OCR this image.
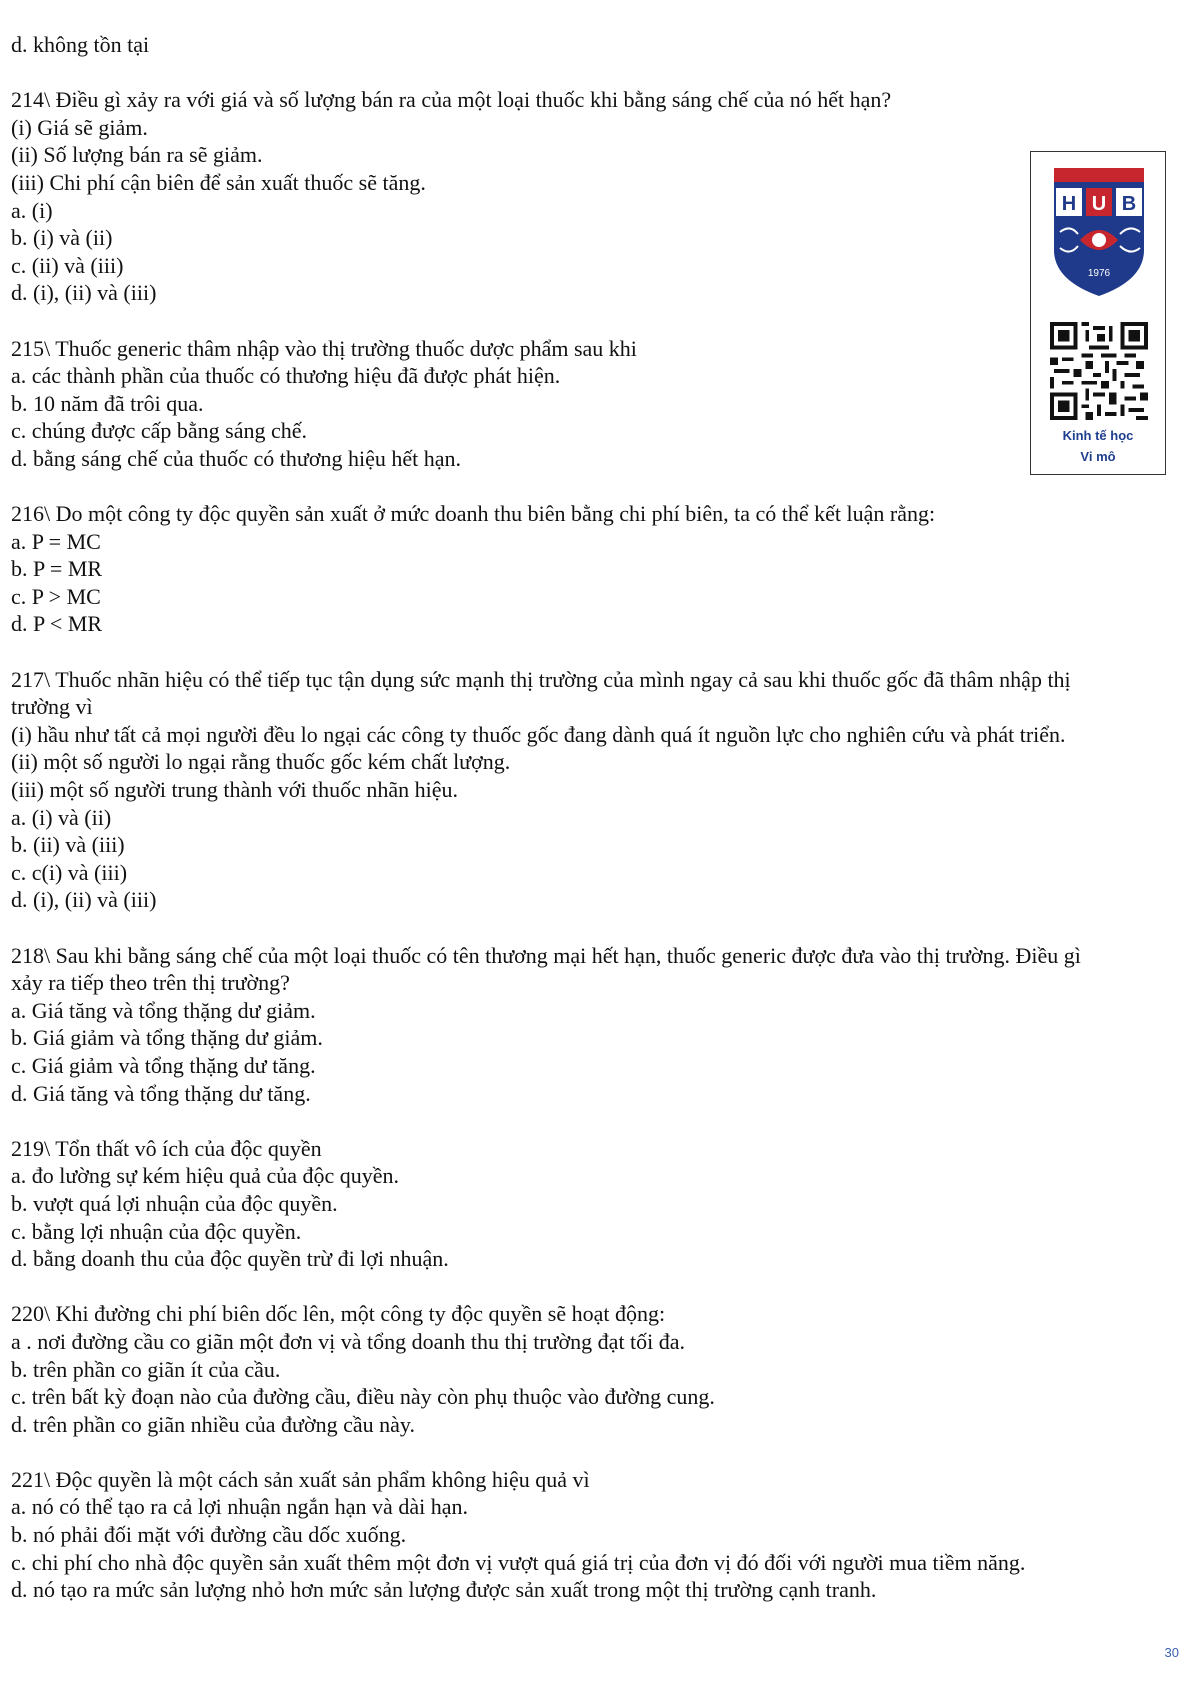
d. không tồn tại
214\ Điều gì xảy ra với giá và số lượng bán ra của một loại thuốc khi bằng sáng chế của nó hết hạn?
(i) Giá sẽ giảm.
(ii) Số lượng bán ra sẽ giảm.
(iii) Chi phí cận biên để sản xuất thuốc sẽ tăng.
a. (i)
b. (i) và (ii)
c. (ii) và (iii)
d. (i), (ii) và (iii)
215\ Thuốc generic thâm nhập vào thị trường thuốc dược phẩm sau khi
a. các thành phần của thuốc có thương hiệu đã được phát hiện.
b. 10 năm đã trôi qua.
c. chúng được cấp bằng sáng chế.
d. bằng sáng chế của thuốc có thương hiệu hết hạn.
216\ Do một công ty độc quyền sản xuất ở mức doanh thu biên bằng chi phí biên, ta có thể kết luận rằng:
a. P = MC
b. P = MR
c. P > MC
d. P < MR
217\ Thuốc nhãn hiệu có thể tiếp tục tận dụng sức mạnh thị trường của mình ngay cả sau khi thuốc gốc đã thâm nhập thị
trường vì
(i) hầu như tất cả mọi người đều lo ngại các công ty thuốc gốc đang dành quá ít nguồn lực cho nghiên cứu và phát triển.
(ii) một số người lo ngại rằng thuốc gốc kém chất lượng.
(iii) một số người trung thành với thuốc nhãn hiệu.
a. (i) và (ii)
b. (ii) và (iii)
c. c(i) và (iii)
d. (i), (ii) và (iii)
218\ Sau khi bằng sáng chế của một loại thuốc có tên thương mại hết hạn, thuốc generic được đưa vào thị trường. Điều gì
xảy ra tiếp theo trên thị trường?
a. Giá tăng và tổng thặng dư giảm.
b. Giá giảm và tổng thặng dư giảm.
c. Giá giảm và tổng thặng dư tăng.
d. Giá tăng và tổng thặng dư tăng.
219\ Tổn thất vô ích của độc quyền
a. đo lường sự kém hiệu quả của độc quyền.
b. vượt quá lợi nhuận của độc quyền.
c. bằng lợi nhuận của độc quyền.
d. bằng doanh thu của độc quyền trừ đi lợi nhuận.
220\ Khi đường chi phí biên dốc lên, một công ty độc quyền sẽ hoạt động:
a . nơi đường cầu co giãn một đơn vị và tổng doanh thu thị trường đạt tối đa.
b. trên phần co giãn ít của cầu.
c. trên bất kỳ đoạn nào của đường cầu, điều này còn phụ thuộc vào đường cung.
d. trên phần co giãn nhiều của đường cầu này.
221\ Độc quyền là một cách sản xuất sản phẩm không hiệu quả vì
a. nó có thể tạo ra cả lợi nhuận ngắn hạn và dài hạn.
b. nó phải đối mặt với đường cầu dốc xuống.
c. chi phí cho nhà độc quyền sản xuất thêm một đơn vị vượt quá giá trị của đơn vị đó đối với người mua tiềm năng.
d. nó tạo ra mức sản lượng nhỏ hơn mức sản lượng được sản xuất trong một thị trường cạnh tranh.
H U B
1976
Kinh tế học
Vi mô
30
